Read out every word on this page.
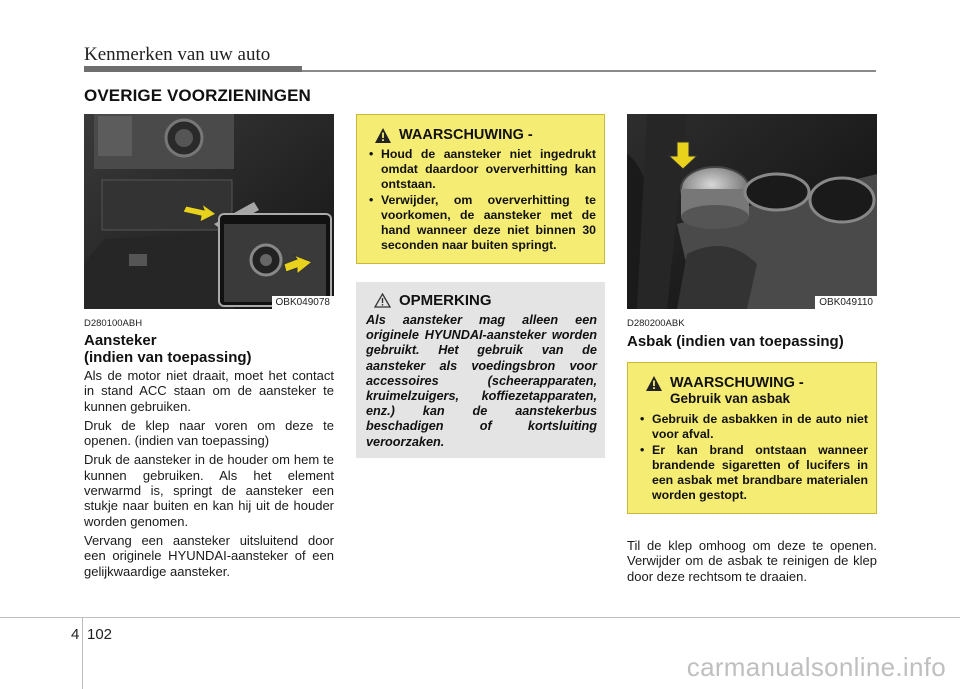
Kenmerken van uw auto
OVERIGE VOORZIENINGEN
OBK049078
D280100ABH
Aansteker
(indien van toepassing)

Als de motor niet draait, moet het contact in stand ACC staan om de aansteker te kunnen gebruiken.

Druk de klep naar voren om deze te openen. (indien van toepassing)

Druk de aansteker in de houder om hem te kunnen gebruiken. Als het element verwarmd is, springt de aansteker een stukje naar buiten en kan hij uit de houder worden genomen.

Vervang een aansteker uitsluitend door een originele HYUNDAI-aansteker of een gelijkwaardige aansteker.

WAARSCHUWING -
• Houd de aansteker niet ingedrukt omdat daardoor oververhitting kan ontstaan.
• Verwijder, om oververhitting te voorkomen, de aansteker met de hand wanneer deze niet binnen 30 seconden naar buiten springt.
OPMERKING
Als aansteker mag alleen een originele HYUNDAI-aansteker worden gebruikt. Het gebruik van de aansteker als voedingsbron voor accessoires (scheerapparaten, kruimelzuigers, koffiezetapparaten, enz.) kan de aanstekerbus beschadigen of kortsluiting veroorzaken.
OBK049110
D280200ABK
Asbak (indien van toepassing)
WAARSCHUWING -
Gebruik van asbak
• Gebruik de asbakken in de auto niet voor afval.
• Er kan brand ontstaan wanneer brandende sigaretten of lucifers in een asbak met brandbare materialen worden gestopt.
Til de klep omhoog om deze te openen. Verwijder om de asbak te reinigen de klep door deze rechtsom te draaien.
4 102
carmanualsonline.info
